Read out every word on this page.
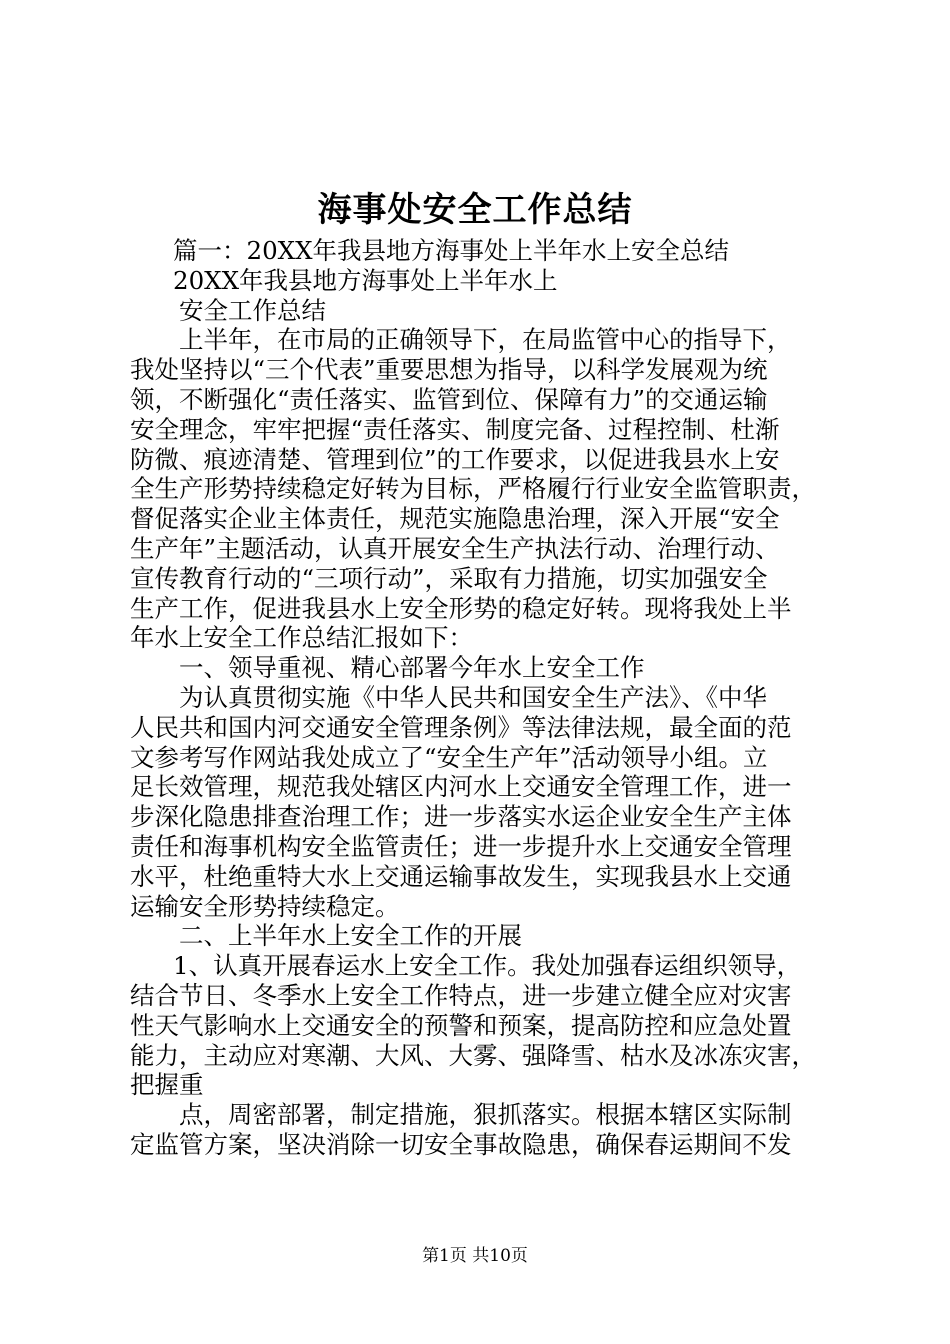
海事处安全工作总结
篇一：20XX年我县地方海事处上半年水上安全总结
20XX年我县地方海事处上半年水上
安全工作总结
上半年，在市局的正确领导下，在局监管中心的指导下，
我处坚持以“三个代表”重要思想为指导，以科学发展观为统
领，不断强化“责任落实、监管到位、保障有力”的交通运输
安全理念，牢牢把握“责任落实、制度完备、过程控制、杜渐
防微、痕迹清楚、管理到位”的工作要求，以促进我县水上安
全生产形势持续稳定好转为目标，严格履行行业安全监管职责，
督促落实企业主体责任，规范实施隐患治理，深入开展“安全
生产年”主题活动，认真开展安全生产执法行动、治理行动、
宣传教育行动的“三项行动”，采取有力措施，切实加强安全
生产工作，促进我县水上安全形势的稳定好转。现将我处上半
年水上安全工作总结汇报如下：
一、领导重视、精心部署今年水上安全工作
为认真贯彻实施《中华人民共和国安全生产法》、《中华
人民共和国内河交通安全管理条例》等法律法规，最全面的范
文参考写作网站我处成立了“安全生产年”活动领导小组。立
足长效管理，规范我处辖区内河水上交通安全管理工作，进一
步深化隐患排查治理工作；进一步落实水运企业安全生产主体
责任和海事机构安全监管责任；进一步提升水上交通安全管理
水平，杜绝重特大水上交通运输事故发生，实现我县水上交通
运输安全形势持续稳定。
二、上半年水上安全工作的开展
1、认真开展春运水上安全工作。我处加强春运组织领导，
结合节日、冬季水上安全工作特点，进一步建立健全应对灾害
性天气影响水上交通安全的预警和预案，提高防控和应急处置
能力，主动应对寒潮、大风、大雾、强降雪、枯水及冰冻灾害，
把握重
点，周密部署，制定措施，狠抓落实。根据本辖区实际制
定监管方案，坚决消除一切安全事故隐患，确保春运期间不发
第1页 共10页
